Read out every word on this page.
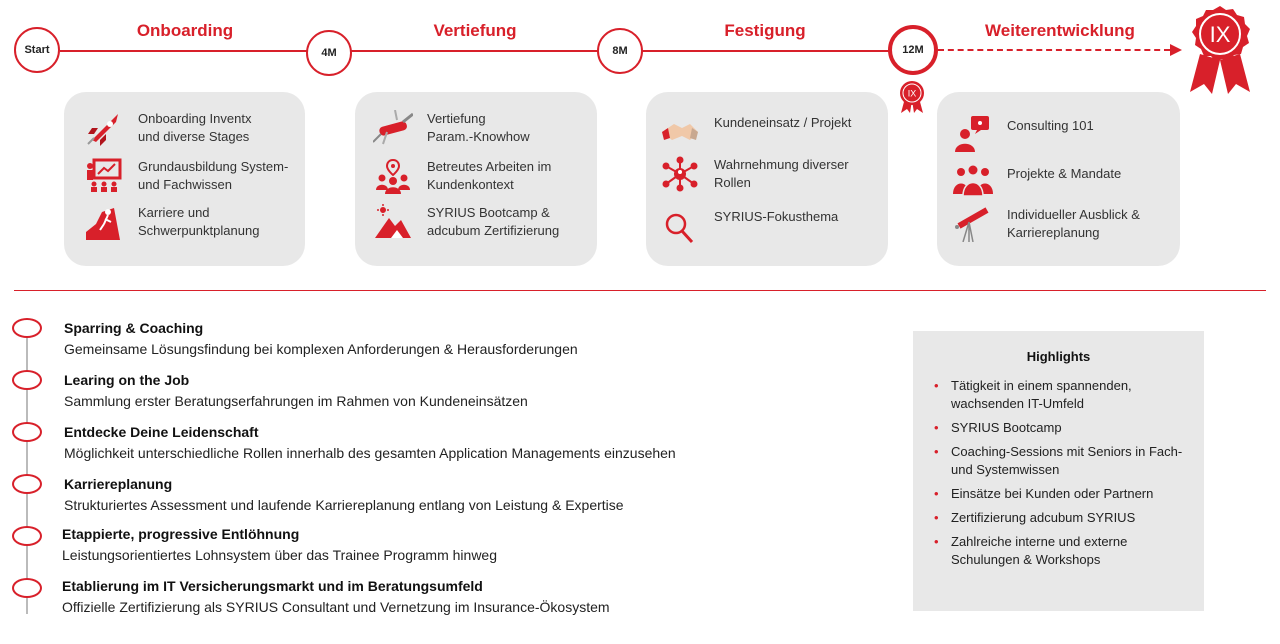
Start	4M	8M	12M
Onboarding	Vertiefung	Festigung	Weiterentwicklung
IX
IX
Onboarding Inventx
und diverse Stages
Grundausbildung System-
und Fachwissen
Karriere und
Schwerpunktplanung
Vertiefung
Param.-Knowhow
Betreutes Arbeiten im
Kundenkontext
SYRIUS Bootcamp &
adcubum Zertifizierung
Kundeneinsatz / Projekt
Wahrnehmung diverser
Rollen
SYRIUS-Fokusthema
Consulting 101
Projekte & Mandate
Individueller Ausblick &
Karriereplanung
Sparring & Coaching
Gemeinsame Lösungsfindung bei komplexen Anforderungen & Herausforderungen
Learing on the Job
Sammlung erster Beratungserfahrungen im Rahmen von Kundeneinsätzen
Entdecke Deine Leidenschaft
Möglichkeit unterschiedliche Rollen innerhalb des gesamten Application Managements einzusehen
Karriereplanung
Strukturiertes Assessment und laufende Karriereplanung entlang von Leistung & Expertise
Etappierte, progressive Entlöhnung
Leistungsorientiertes Lohnsystem über das Trainee Programm hinweg
Etablierung im IT Versicherungsmarkt und im Beratungsumfeld
Offizielle Zertifizierung als SYRIUS Consultant und Vernetzung im Insurance-Ökosystem
Highlights
• Tätigkeit in einem spannenden, wachsenden IT-Umfeld
• SYRIUS Bootcamp
• Coaching-Sessions mit Seniors in Fach- und Systemwissen
• Einsätze bei Kunden oder Partnern
• Zertifizierung adcubum SYRIUS
• Zahlreiche interne und externe Schulungen & Workshops
